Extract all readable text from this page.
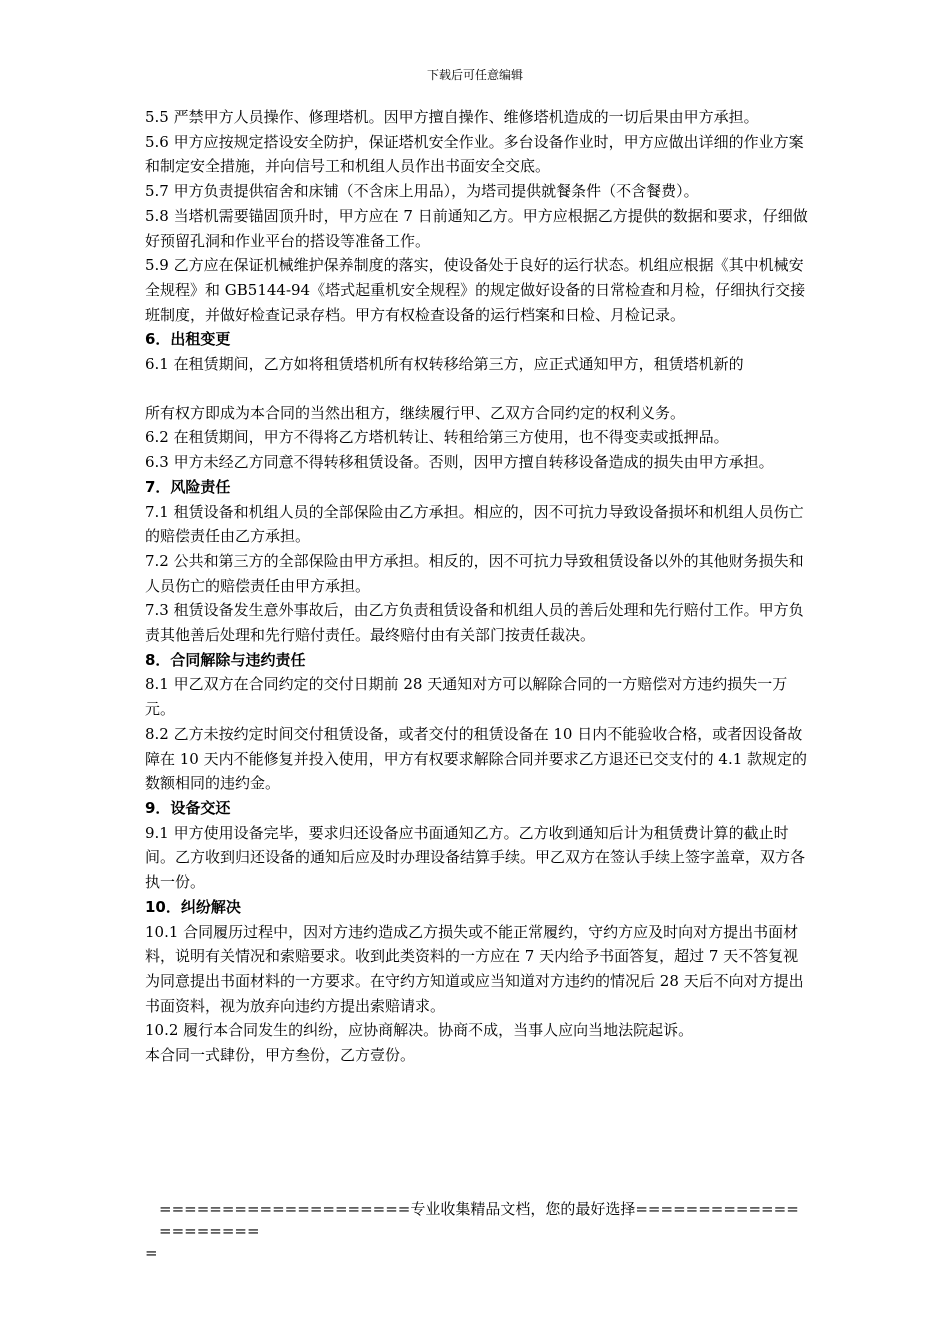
下载后可任意编辑

5.5 严禁甲方人员操作、修理塔机。因甲方擅自操作、维修塔机造成的一切后果由甲方承担。

5.6 甲方应按规定搭设安全防护，保证塔机安全作业。多台设备作业时，甲方应做出详细的作业方案和制定安全措施，并向信号工和机组人员作出书面安全交底。

5.7 甲方负责提供宿舍和床铺（不含床上用品），为塔司提供就餐条件（不含餐费）。

5.8 当塔机需要锚固顶升时，甲方应在 7 日前通知乙方。甲方应根据乙方提供的数据和要求，仔细做好预留孔洞和作业平台的搭设等准备工作。

5.9 乙方应在保证机械维护保养制度的落实，使设备处于良好的运行状态。机组应根据《其中机械安全规程》和 GB5144-94《塔式起重机安全规程》的规定做好设备的日常检查和月检，仔细执行交接班制度，并做好检查记录存档。甲方有权检查设备的运行档案和日检、月检记录。

6．出租变更

6.1 在租赁期间，乙方如将租赁塔机所有权转移给第三方，应正式通知甲方，租赁塔机新的

所有权方即成为本合同的当然出租方，继续履行甲、乙双方合同约定的权利义务。

6.2 在租赁期间，甲方不得将乙方塔机转让、转租给第三方使用，也不得变卖或抵押品。

6.3 甲方未经乙方同意不得转移租赁设备。否则，因甲方擅自转移设备造成的损失由甲方承担。

7．风险责任

7.1 租赁设备和机组人员的全部保险由乙方承担。相应的，因不可抗力导致设备损坏和机组人员伤亡的赔偿责任由乙方承担。

7.2 公共和第三方的全部保险由甲方承担。相反的，因不可抗力导致租赁设备以外的其他财务损失和人员伤亡的赔偿责任由甲方承担。

7.3 租赁设备发生意外事故后，由乙方负责租赁设备和机组人员的善后处理和先行赔付工作。甲方负责其他善后处理和先行赔付责任。最终赔付由有关部门按责任裁决。

8．合同解除与违约责任

8.1 甲乙双方在合同约定的交付日期前 28 天通知对方可以解除合同的一方赔偿对方违约损失一万元。

8.2 乙方未按约定时间交付租赁设备，或者交付的租赁设备在 10 日内不能验收合格，或者因设备故障在 10 天内不能修复并投入使用，甲方有权要求解除合同并要求乙方退还已交支付的 4.1 款规定的数额相同的违约金。

9．设备交还

9.1 甲方使用设备完毕，要求归还设备应书面通知乙方。乙方收到通知后计为租赁费计算的截止时间。乙方收到归还设备的通知后应及时办理设备结算手续。甲乙双方在签认手续上签字盖章，双方各执一份。

10．纠纷解决

10.1 合同履历过程中，因对方违约造成乙方损失或不能正常履约，守约方应及时向对方提出书面材料，说明有关情况和索赔要求。收到此类资料的一方应在 7 天内给予书面答复，超过 7 天不答复视为同意提出书面材料的一方要求。在守约方知道或应当知道对方违约的情况后 28 天后不向对方提出书面资料，视为放弃向违约方提出索赔请求。

10.2 履行本合同发生的纠纷，应协商解决。协商不成，当事人应向当地法院起诉。

本合同一式肆份，甲方叁份，乙方壹份。

====================专业收集精品文档，您的最好选择=====================
=
